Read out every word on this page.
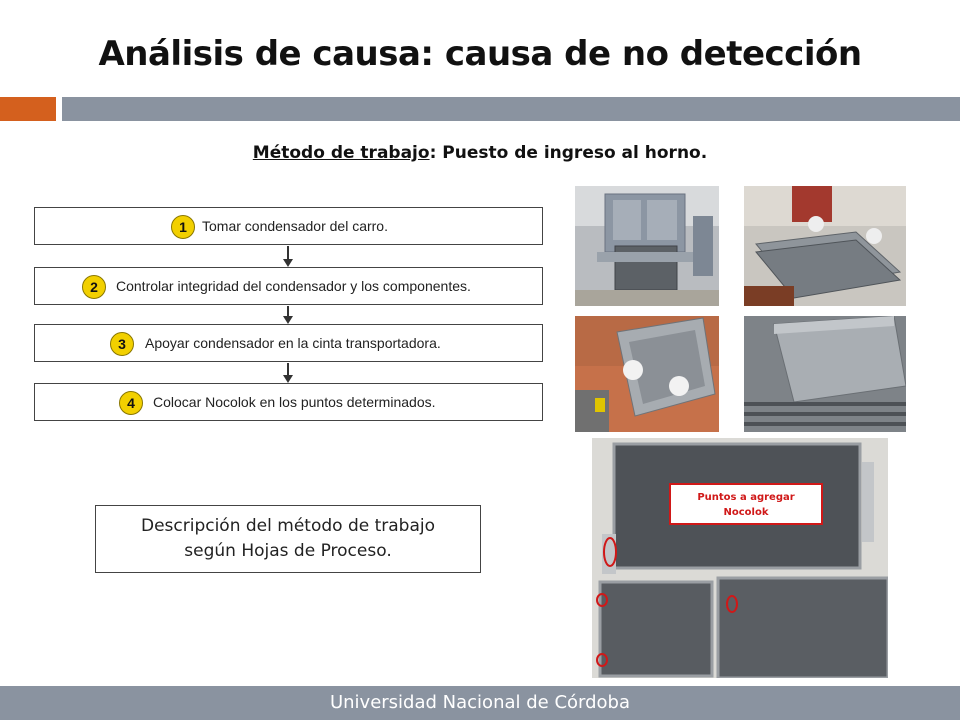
Análisis de causa: causa de no detección
Método de trabajo: Puesto de ingreso al horno.
1	Tomar condensador del carro.
2	Controlar integridad del condensador y los componentes.
3	Apoyar condensador en la cinta transportadora.
4	Colocar Nocolok en los puntos determinados.
Descripción del método de trabajo
según Hojas de Proceso.
Puntos a agregar
Nocolok
Universidad Nacional de Córdoba
